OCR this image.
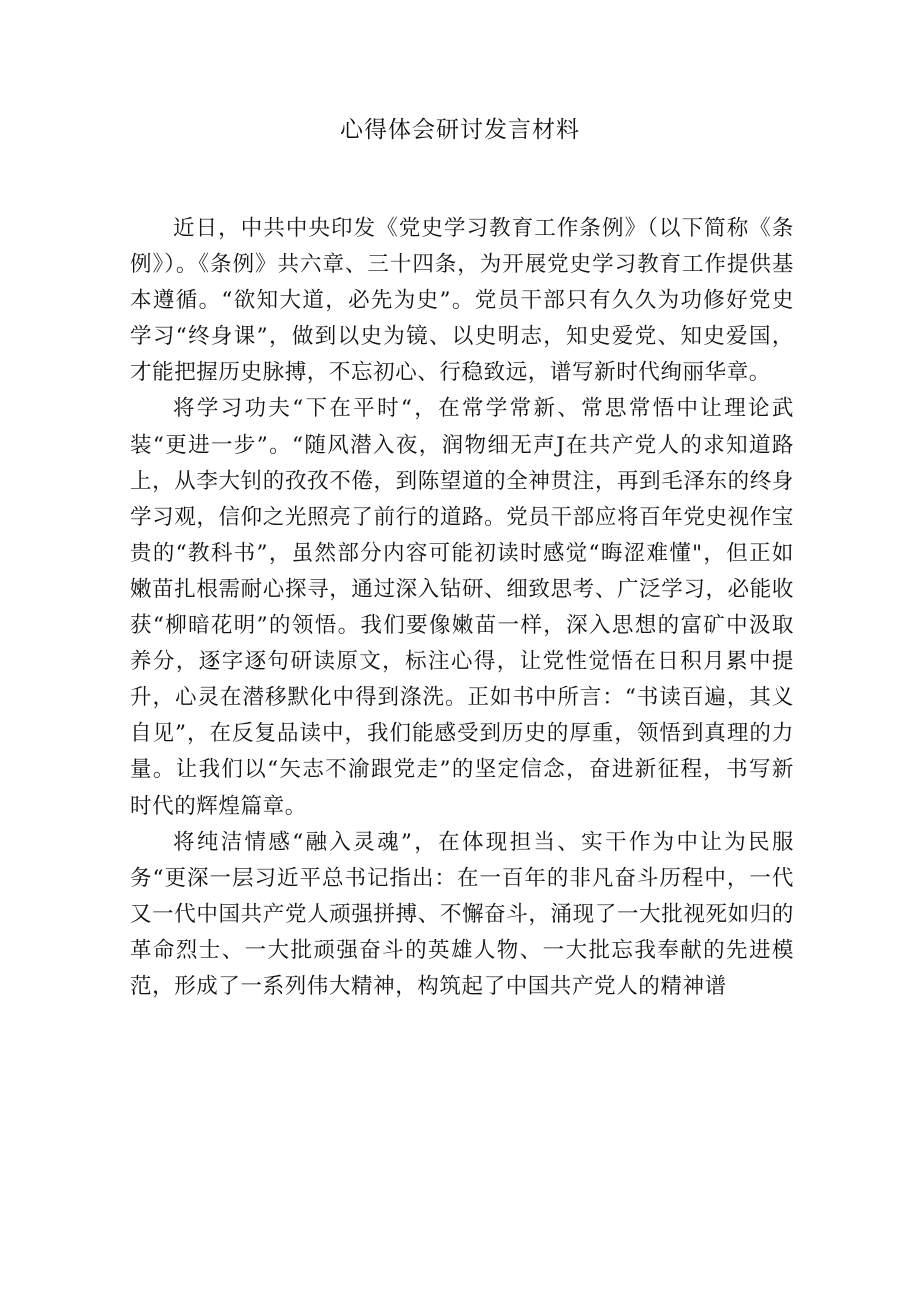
心得体会研讨发言材料

近日，中共中央印发《党史学习教育工作条例》（以下简称《条例》）。《条例》共六章、三十四条，为开展党史学习教育工作提供基本遵循。“欲知大道，必先为史”。党员干部只有久久为功修好党史学习“终身课”，做到以史为镜、以史明志，知史爱党、知史爱国，才能把握历史脉搏，不忘初心、行稳致远，谱写新时代绚丽华章。

将学习功夫“下在平时“，在常学常新、常思常悟中让理论武装“更进一步”。“随风潜入夜，润物细无声J在共产党人的求知道路上，从李大钊的孜孜不倦，到陈望道的全神贯注，再到毛泽东的终身学习观，信仰之光照亮了前行的道路。党员干部应将百年党史视作宝贵的“教科书”，虽然部分内容可能初读时感觉“晦涩难懂"，但正如嫩苗扎根需耐心探寻，通过深入钻研、细致思考、广泛学习，必能收获“柳暗花明”的领悟。我们要像嫩苗一样，深入思想的富矿中汲取养分，逐字逐句研读原文，标注心得，让党性觉悟在日积月累中提升，心灵在潜移默化中得到涤洗。正如书中所言：“书读百遍，其义自见”，在反复品读中，我们能感受到历史的厚重，领悟到真理的力量。让我们以“矢志不渝跟党走”的坚定信念，奋进新征程，书写新时代的辉煌篇章。

将纯洁情感“融入灵魂”，在体现担当、实干作为中让为民服务“更深一层习近平总书记指出：在一百年的非凡奋斗历程中，一代又一代中国共产党人顽强拼搏、不懈奋斗，涌现了一大批视死如归的革命烈士、一大批顽强奋斗的英雄人物、一大批忘我奉献的先进模范，形成了一系列伟大精神，构筑起了中国共产党人的精神谱
